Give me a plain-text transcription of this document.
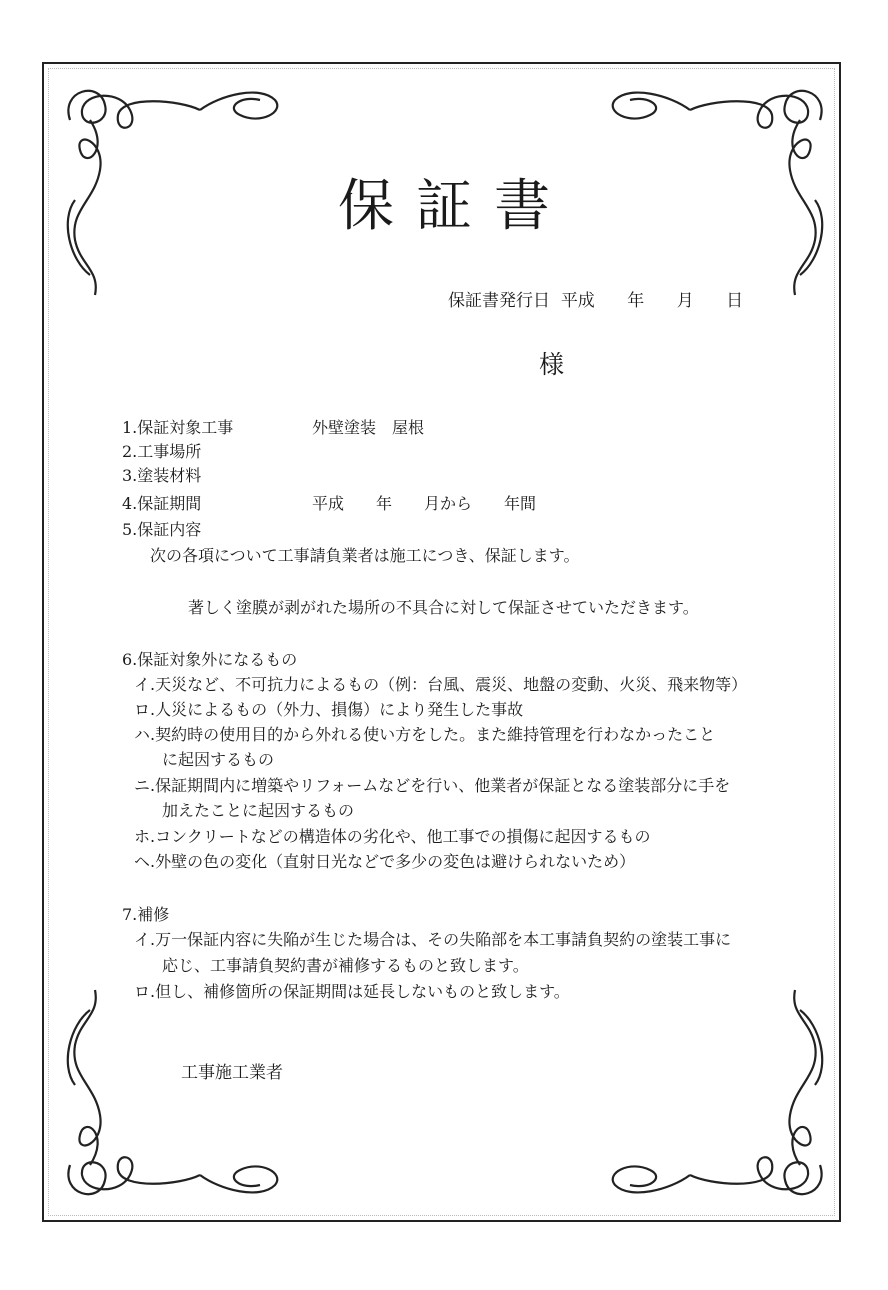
保証書
保証書発行日 平成 年 月 日
様
1.保証対象工事	外壁塗装　屋根
2.工事場所
3.塗装材料
4.保証期間	平成　　年　　月から　　年間
5.保証内容
次の各項について工事請負業者は施工につき、保証します。
著しく塗膜が剥がれた場所の不具合に対して保証させていただきます。
6.保証対象外になるもの
イ.天災など、不可抗力によるもの（例：台風、震災、地盤の変動、火災、飛来物等）
ロ.人災によるもの（外力、損傷）により発生した事故
ハ.契約時の使用目的から外れる使い方をした。また維持管理を行わなかったこと
に起因するもの
ニ.保証期間内に増築やリフォームなどを行い、他業者が保証となる塗装部分に手を
加えたことに起因するもの
ホ.コンクリートなどの構造体の劣化や、他工事での損傷に起因するもの
ヘ.外壁の色の変化（直射日光などで多少の変色は避けられないため）
7.補修
イ.万一保証内容に失陥が生じた場合は、その失陥部を本工事請負契約の塗装工事に
応じ、工事請負契約書が補修するものと致します。
ロ.但し、補修箇所の保証期間は延長しないものと致します。
工事施工業者
